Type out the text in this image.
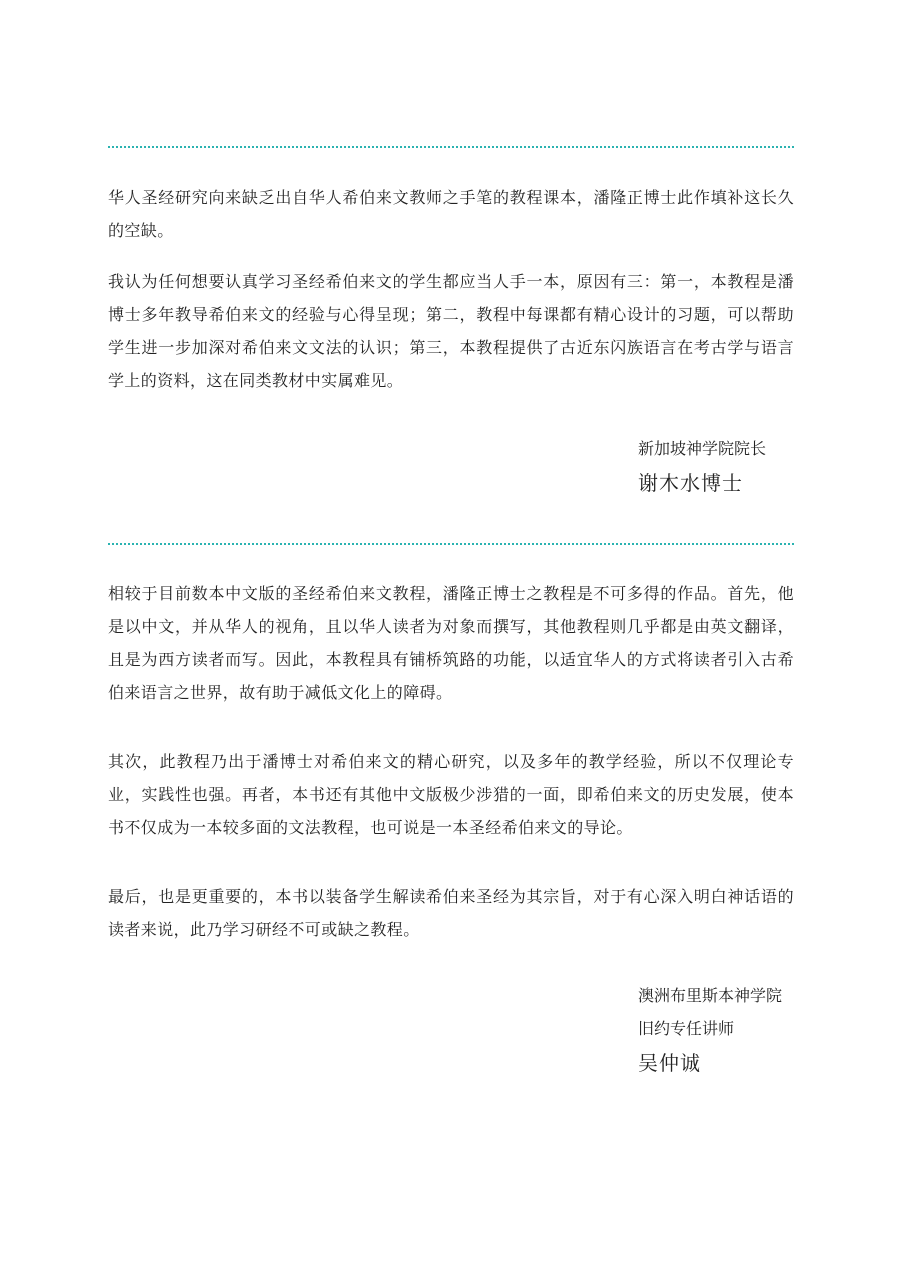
华人圣经研究向来缺乏出自华人希伯来文教师之手笔的教程课本，潘隆正博士此作填补这长久的空缺。

我认为任何想要认真学习圣经希伯来文的学生都应当人手一本，原因有三：第一，本教程是潘博士多年教导希伯来文的经验与心得呈现；第二，教程中每课都有精心设计的习题，可以帮助学生进一步加深对希伯来文文法的认识；第三，本教程提供了古近东闪族语言在考古学与语言学上的资料，这在同类教材中实属难见。

新加坡神学院院长
谢木水博士

相较于目前数本中文版的圣经希伯来文教程，潘隆正博士之教程是不可多得的作品。首先，他是以中文，并从华人的视角，且以华人读者为对象而撰写，其他教程则几乎都是由英文翻译，且是为西方读者而写。因此，本教程具有铺桥筑路的功能，以适宜华人的方式将读者引入古希伯来语言之世界，故有助于减低文化上的障碍。

其次，此教程乃出于潘博士对希伯来文的精心研究，以及多年的教学经验，所以不仅理论专业，实践性也强。再者，本书还有其他中文版极少涉猎的一面，即希伯来文的历史发展，使本书不仅成为一本较多面的文法教程，也可说是一本圣经希伯来文的导论。

最后，也是更重要的，本书以装备学生解读希伯来圣经为其宗旨，对于有心深入明白神话语的读者来说，此乃学习研经不可或缺之教程。

澳洲布里斯本神学院
旧约专任讲师
吴仲诚
